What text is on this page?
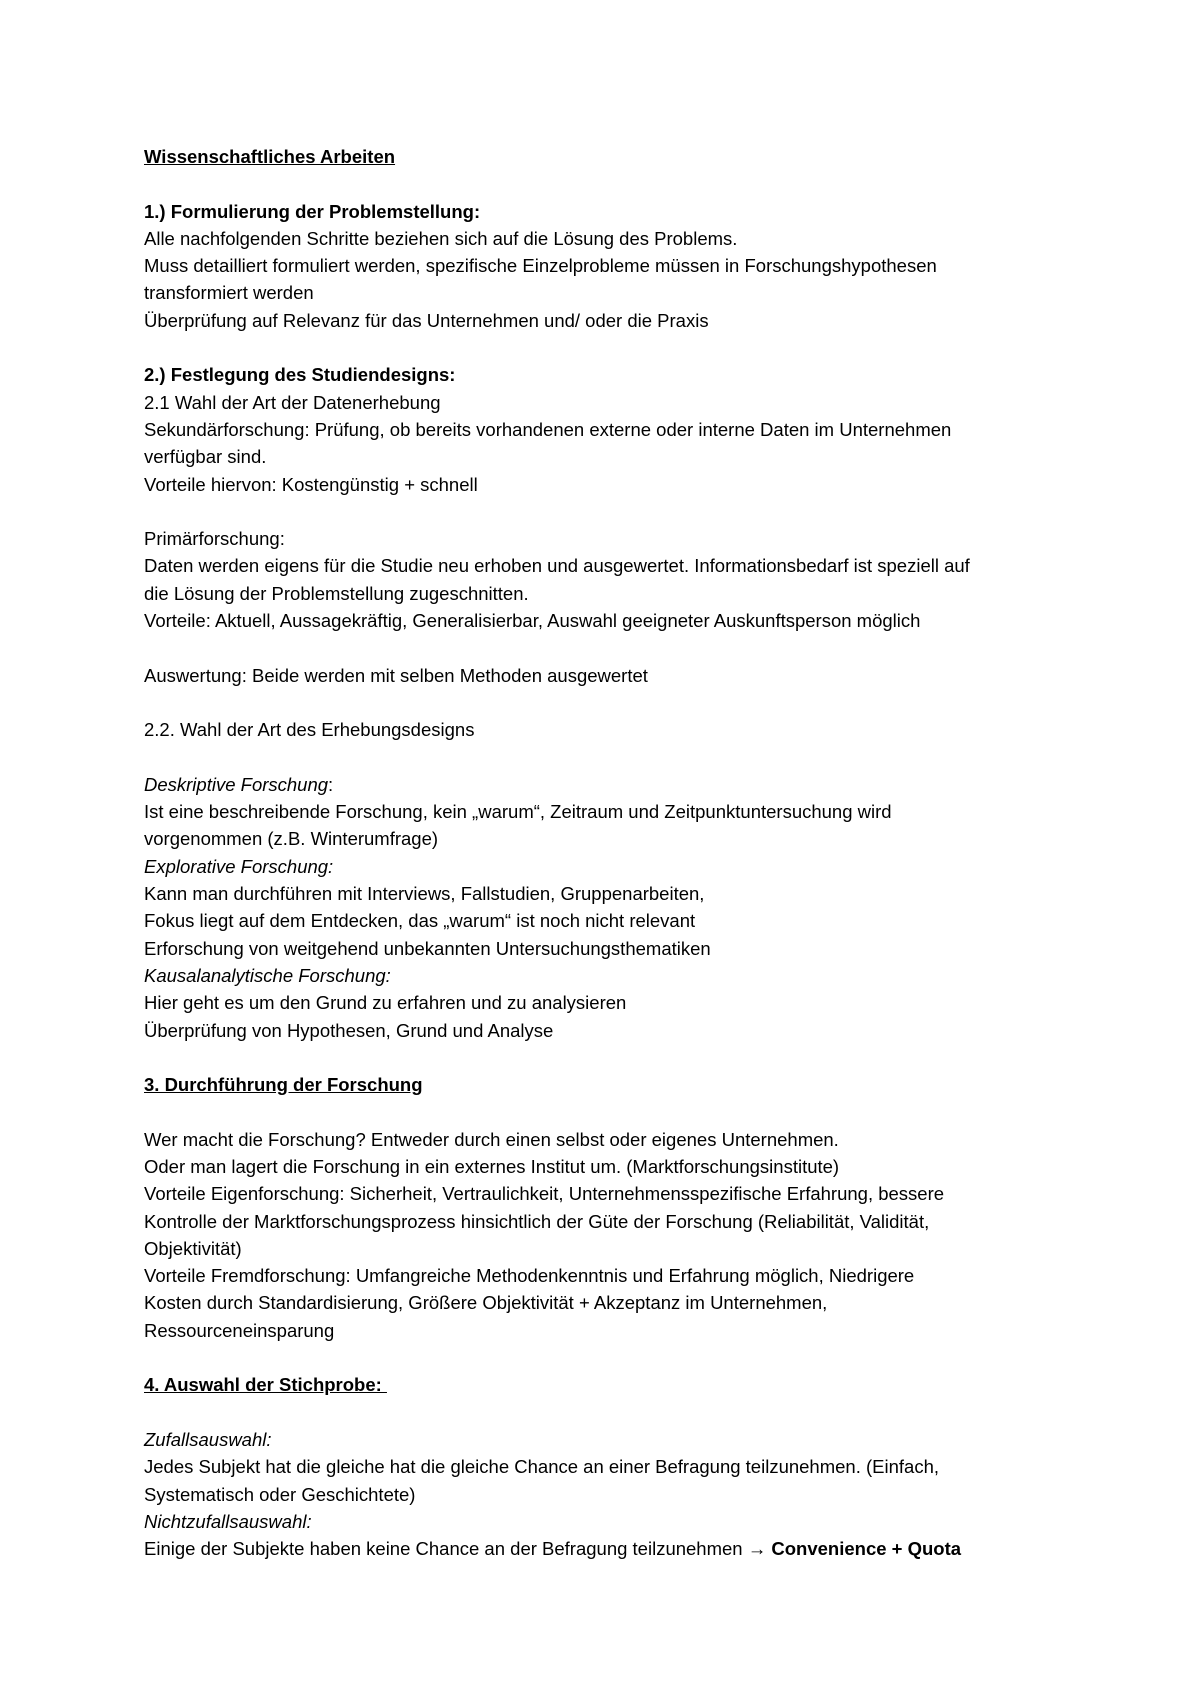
Wissenschaftliches Arbeiten
1.) Formulierung der Problemstellung:
Alle nachfolgenden Schritte beziehen sich auf die Lösung des Problems.
Muss detailliert formuliert werden, spezifische Einzelprobleme müssen in Forschungshypothesen
transformiert werden
Überprüfung auf Relevanz für das Unternehmen und/ oder die Praxis
2.) Festlegung des Studiendesigns:
2.1 Wahl der Art der Datenerhebung
Sekundärforschung: Prüfung, ob bereits vorhandenen externe oder interne Daten im Unternehmen
verfügbar sind.
Vorteile hiervon: Kostengünstig + schnell
Primärforschung:
Daten werden eigens für die Studie neu erhoben und ausgewertet. Informationsbedarf ist speziell auf
die Lösung der Problemstellung zugeschnitten.
Vorteile: Aktuell, Aussagekräftig, Generalisierbar, Auswahl geeigneter Auskunftsperson möglich
Auswertung: Beide werden mit selben Methoden ausgewertet
2.2. Wahl der Art des Erhebungsdesigns
Deskriptive Forschung:
Ist eine beschreibende Forschung, kein „warum“, Zeitraum und Zeitpunktuntersuchung wird
vorgenommen (z.B. Winterumfrage)
Explorative Forschung:
Kann man durchführen mit Interviews, Fallstudien, Gruppenarbeiten,
Fokus liegt auf dem Entdecken, das „warum“ ist noch nicht relevant
Erforschung von weitgehend unbekannten Untersuchungsthematiken
Kausalanalytische Forschung:
Hier geht es um den Grund zu erfahren und zu analysieren
Überprüfung von Hypothesen, Grund und Analyse
3. Durchführung der Forschung
Wer macht die Forschung? Entweder durch einen selbst oder eigenes Unternehmen.
Oder man lagert die Forschung in ein externes Institut um. (Marktforschungsinstitute)
Vorteile Eigenforschung: Sicherheit, Vertraulichkeit, Unternehmensspezifische Erfahrung, bessere
Kontrolle der Marktforschungsprozess hinsichtlich der Güte der Forschung (Reliabilität, Validität,
Objektivität)
Vorteile Fremdforschung: Umfangreiche Methodenkenntnis und Erfahrung möglich, Niedrigere
Kosten durch Standardisierung, Größere Objektivität + Akzeptanz im Unternehmen,
Ressourceneinsparung
4. Auswahl der Stichprobe:
Zufallsauswahl:
Jedes Subjekt hat die gleiche hat die gleiche Chance an einer Befragung teilzunehmen. (Einfach,
Systematisch oder Geschichtete)
Nichtzufallsauswahl:
Einige der Subjekte haben keine Chance an der Befragung teilzunehmen → Convenience + Quota
